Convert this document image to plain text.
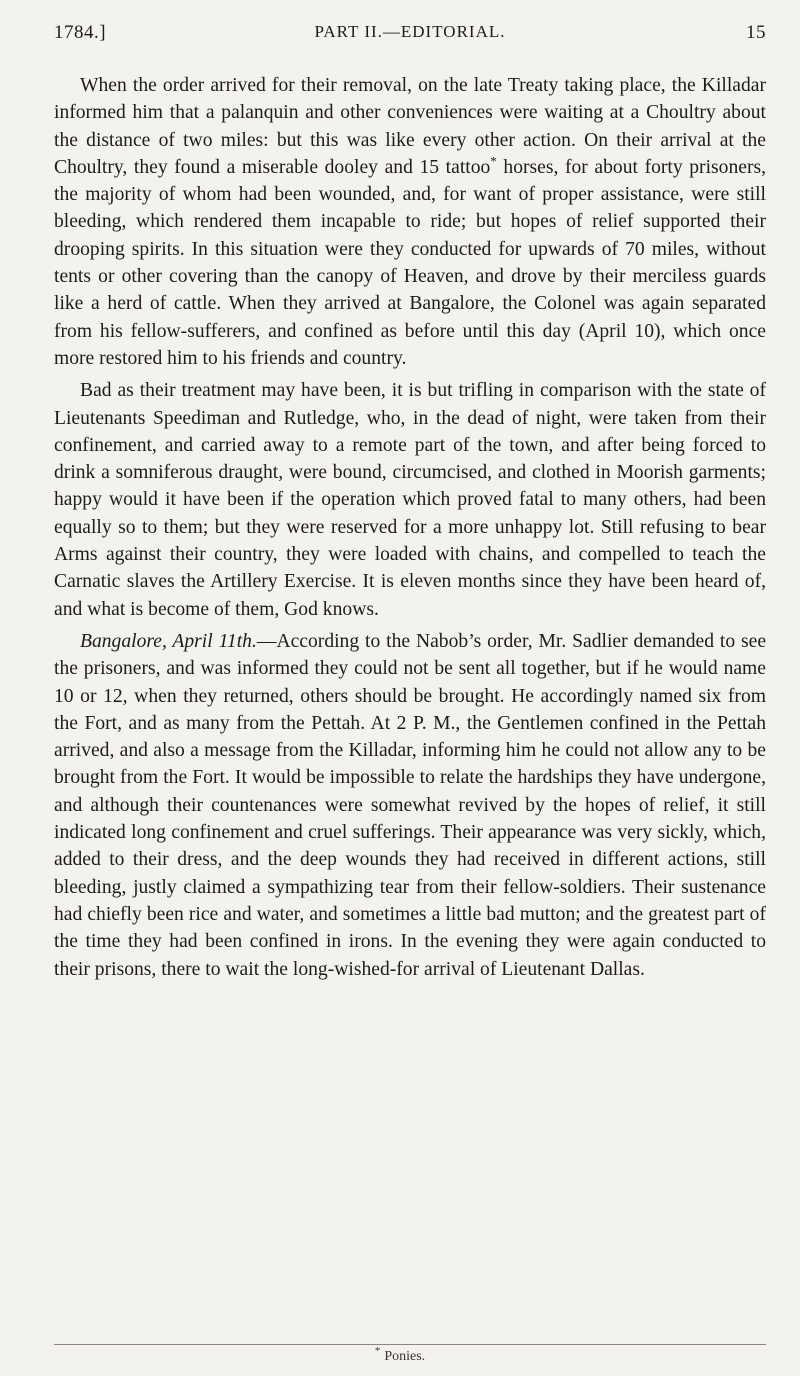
1784.]	PART II.—EDITORIAL.	15

When the order arrived for their removal, on the late Treaty taking place, the Killadar informed him that a palanquin and other conveniences were waiting at a Choultry about the distance of two miles: but this was like every other action. On their arrival at the Choultry, they found a miserable dooley and 15 tattoo* horses, for about forty prisoners, the majority of whom had been wounded, and, for want of proper assistance, were still bleeding, which rendered them incapable to ride; but hopes of relief supported their drooping spirits. In this situation were they conducted for upwards of 70 miles, without tents or other covering than the canopy of Heaven, and drove by their merciless guards like a herd of cattle. When they arrived at Bangalore, the Colonel was again separated from his fellow-sufferers, and confined as before until this day (April 10), which once more restored him to his friends and country.

Bad as their treatment may have been, it is but trifling in comparison with the state of Lieutenants Speediman and Rutledge, who, in the dead of night, were taken from their confinement, and carried away to a remote part of the town, and after being forced to drink a somniferous draught, were bound, circumcised, and clothed in Moorish garments; happy would it have been if the operation which proved fatal to many others, had been equally so to them; but they were reserved for a more unhappy lot. Still refusing to bear Arms against their country, they were loaded with chains, and compelled to teach the Carnatic slaves the Artillery Exercise. It is eleven months since they have been heard of, and what is become of them, God knows.

Bangalore, April 11th.—According to the Nabob’s order, Mr. Sadlier demanded to see the prisoners, and was informed they could not be sent all together, but if he would name 10 or 12, when they returned, others should be brought. He accordingly named six from the Fort, and as many from the Pettah. At 2 P. M., the Gentlemen confined in the Pettah arrived, and also a message from the Killadar, informing him he could not allow any to be brought from the Fort. It would be impossible to relate the hardships they have undergone, and although their countenances were somewhat revived by the hopes of relief, it still indicated long confinement and cruel sufferings. Their appearance was very sickly, which, added to their dress, and the deep wounds they had received in different actions, still bleeding, justly claimed a sympathizing tear from their fellow-soldiers. Their sustenance had chiefly been rice and water, and sometimes a little bad mutton; and the greatest part of the time they had been confined in irons. In the evening they were again conducted to their prisons, there to wait the long-wished-for arrival of Lieutenant Dallas.

* Ponies.
